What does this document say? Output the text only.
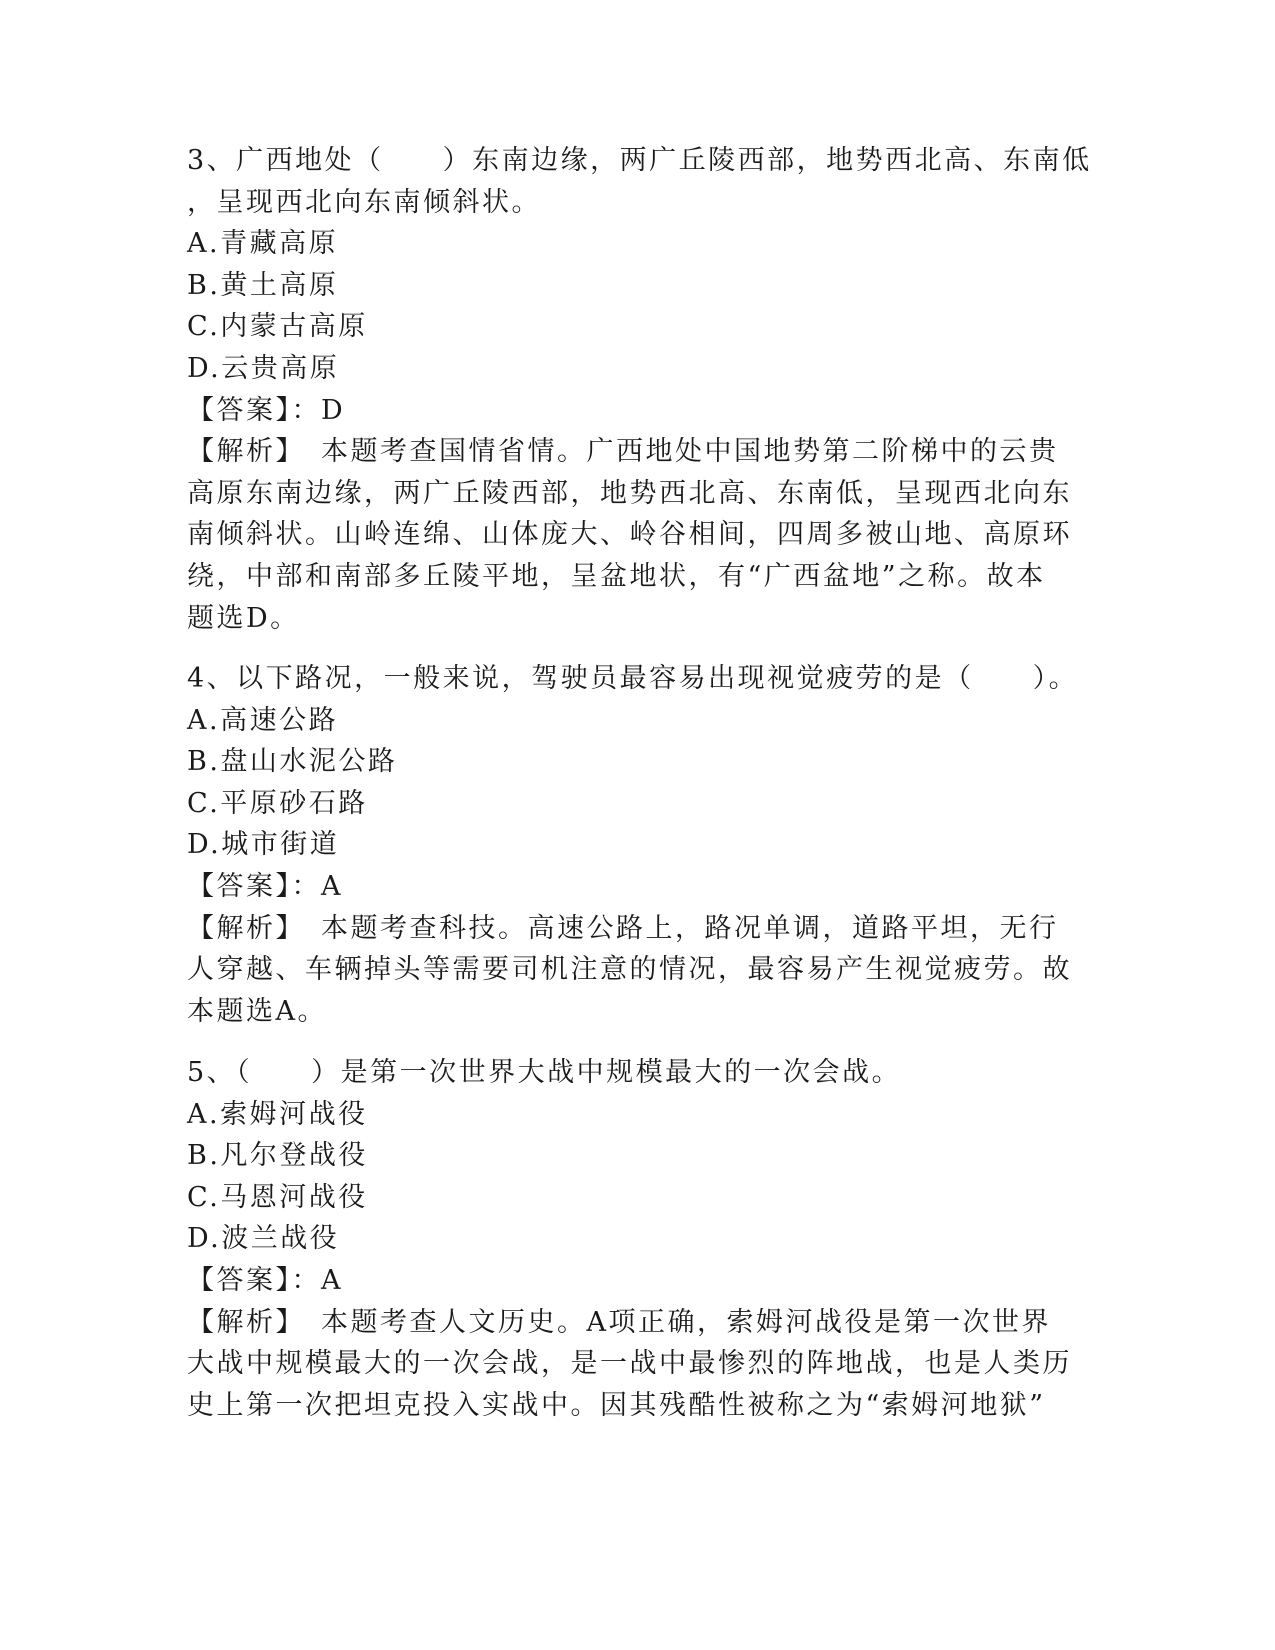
3、广西地处（　　）东南边缘，两广丘陵西部，地势西北高、东南低
，呈现西北向东南倾斜状。
A.青藏高原
B.黄土高原
C.内蒙古高原
D.云贵高原
【答案】：D
【解析】　本题考查国情省情。广西地处中国地势第二阶梯中的云贵
高原东南边缘，两广丘陵西部，地势西北高、东南低，呈现西北向东
南倾斜状。山岭连绵、山体庞大、岭谷相间，四周多被山地、高原环
绕，中部和南部多丘陵平地，呈盆地状，有“广西盆地”之称。故本
题选D。
4、以下路况，一般来说，驾驶员最容易出现视觉疲劳的是（　　）。
A.高速公路
B.盘山水泥公路
C.平原砂石路
D.城市街道
【答案】：A
【解析】　本题考查科技。高速公路上，路况单调，道路平坦，无行
人穿越、车辆掉头等需要司机注意的情况，最容易产生视觉疲劳。故
本题选A。
5、（　　）是第一次世界大战中规模最大的一次会战。
A.索姆河战役
B.凡尔登战役
C.马恩河战役
D.波兰战役
【答案】：A
【解析】　本题考查人文历史。A项正确，索姆河战役是第一次世界
大战中规模最大的一次会战，是一战中最惨烈的阵地战，也是人类历
史上第一次把坦克投入实战中。因其残酷性被称之为“索姆河地狱”
